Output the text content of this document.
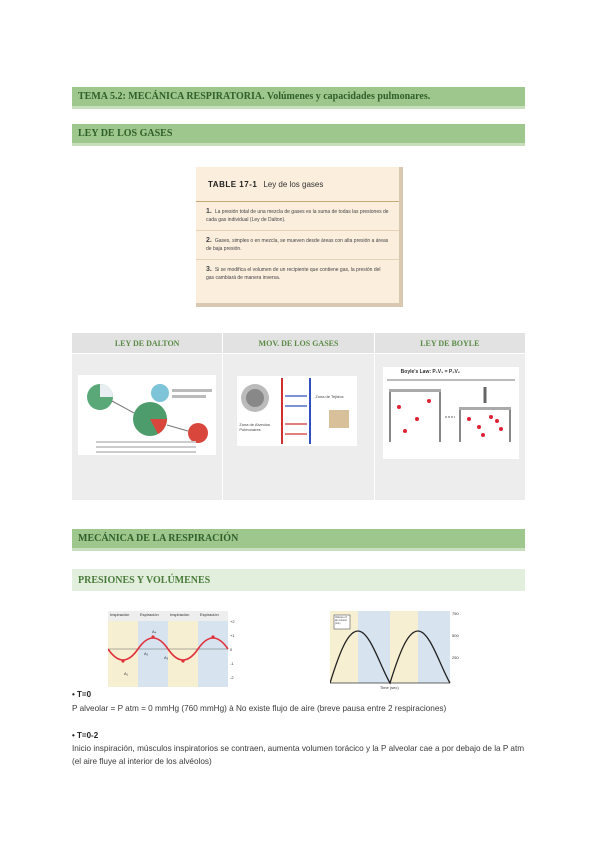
TEMA 5.2: MECÁNICA RESPIRATORIA. Volúmenes y capacidades pulmonares.
LEY DE LOS GASES
TABLE 17-1 Ley de los gases
1. La presión total de una mezcla de gases es la suma de todas las presiones de cada gas individual (Ley de Dalton).
2. Gases, simples o en mezcla, se mueven desde áreas con alta presión a áreas de baja presión.
3. Si se modifica el volumen de un recipiente que contiene gas, la presión del gas cambiará de manera inversa.
LEY DE DALTON	MOV. DE LOS GASES
Zona de Alveolos Pulmonares
Zona de Tejidos
LEY DE BOYLE
Boyle's Law: P₁V₁ = P₂V₂
MECÁNICA DE LA RESPIRACIÓN
PRESIONES Y VOLÚMENES
Inspiración	Espiración	Inspiración	Espiración
A₁
A₂
A₃
A₄
+2
+1
0
-1
-2
Volume of air moved (mL)
750
500
250
Time (sec)
• T=0
P alveolar = P atm = 0 mmHg (760 mmHg) à No existe flujo de aire (breve pausa entre 2 respiraciones)
• T=0-2
Inicio inspiración, músculos inspiratorios se contraen, aumenta volumen torácico y la P alveolar cae a por debajo de la P atm (el aire fluye al interior de los alvéolos)
